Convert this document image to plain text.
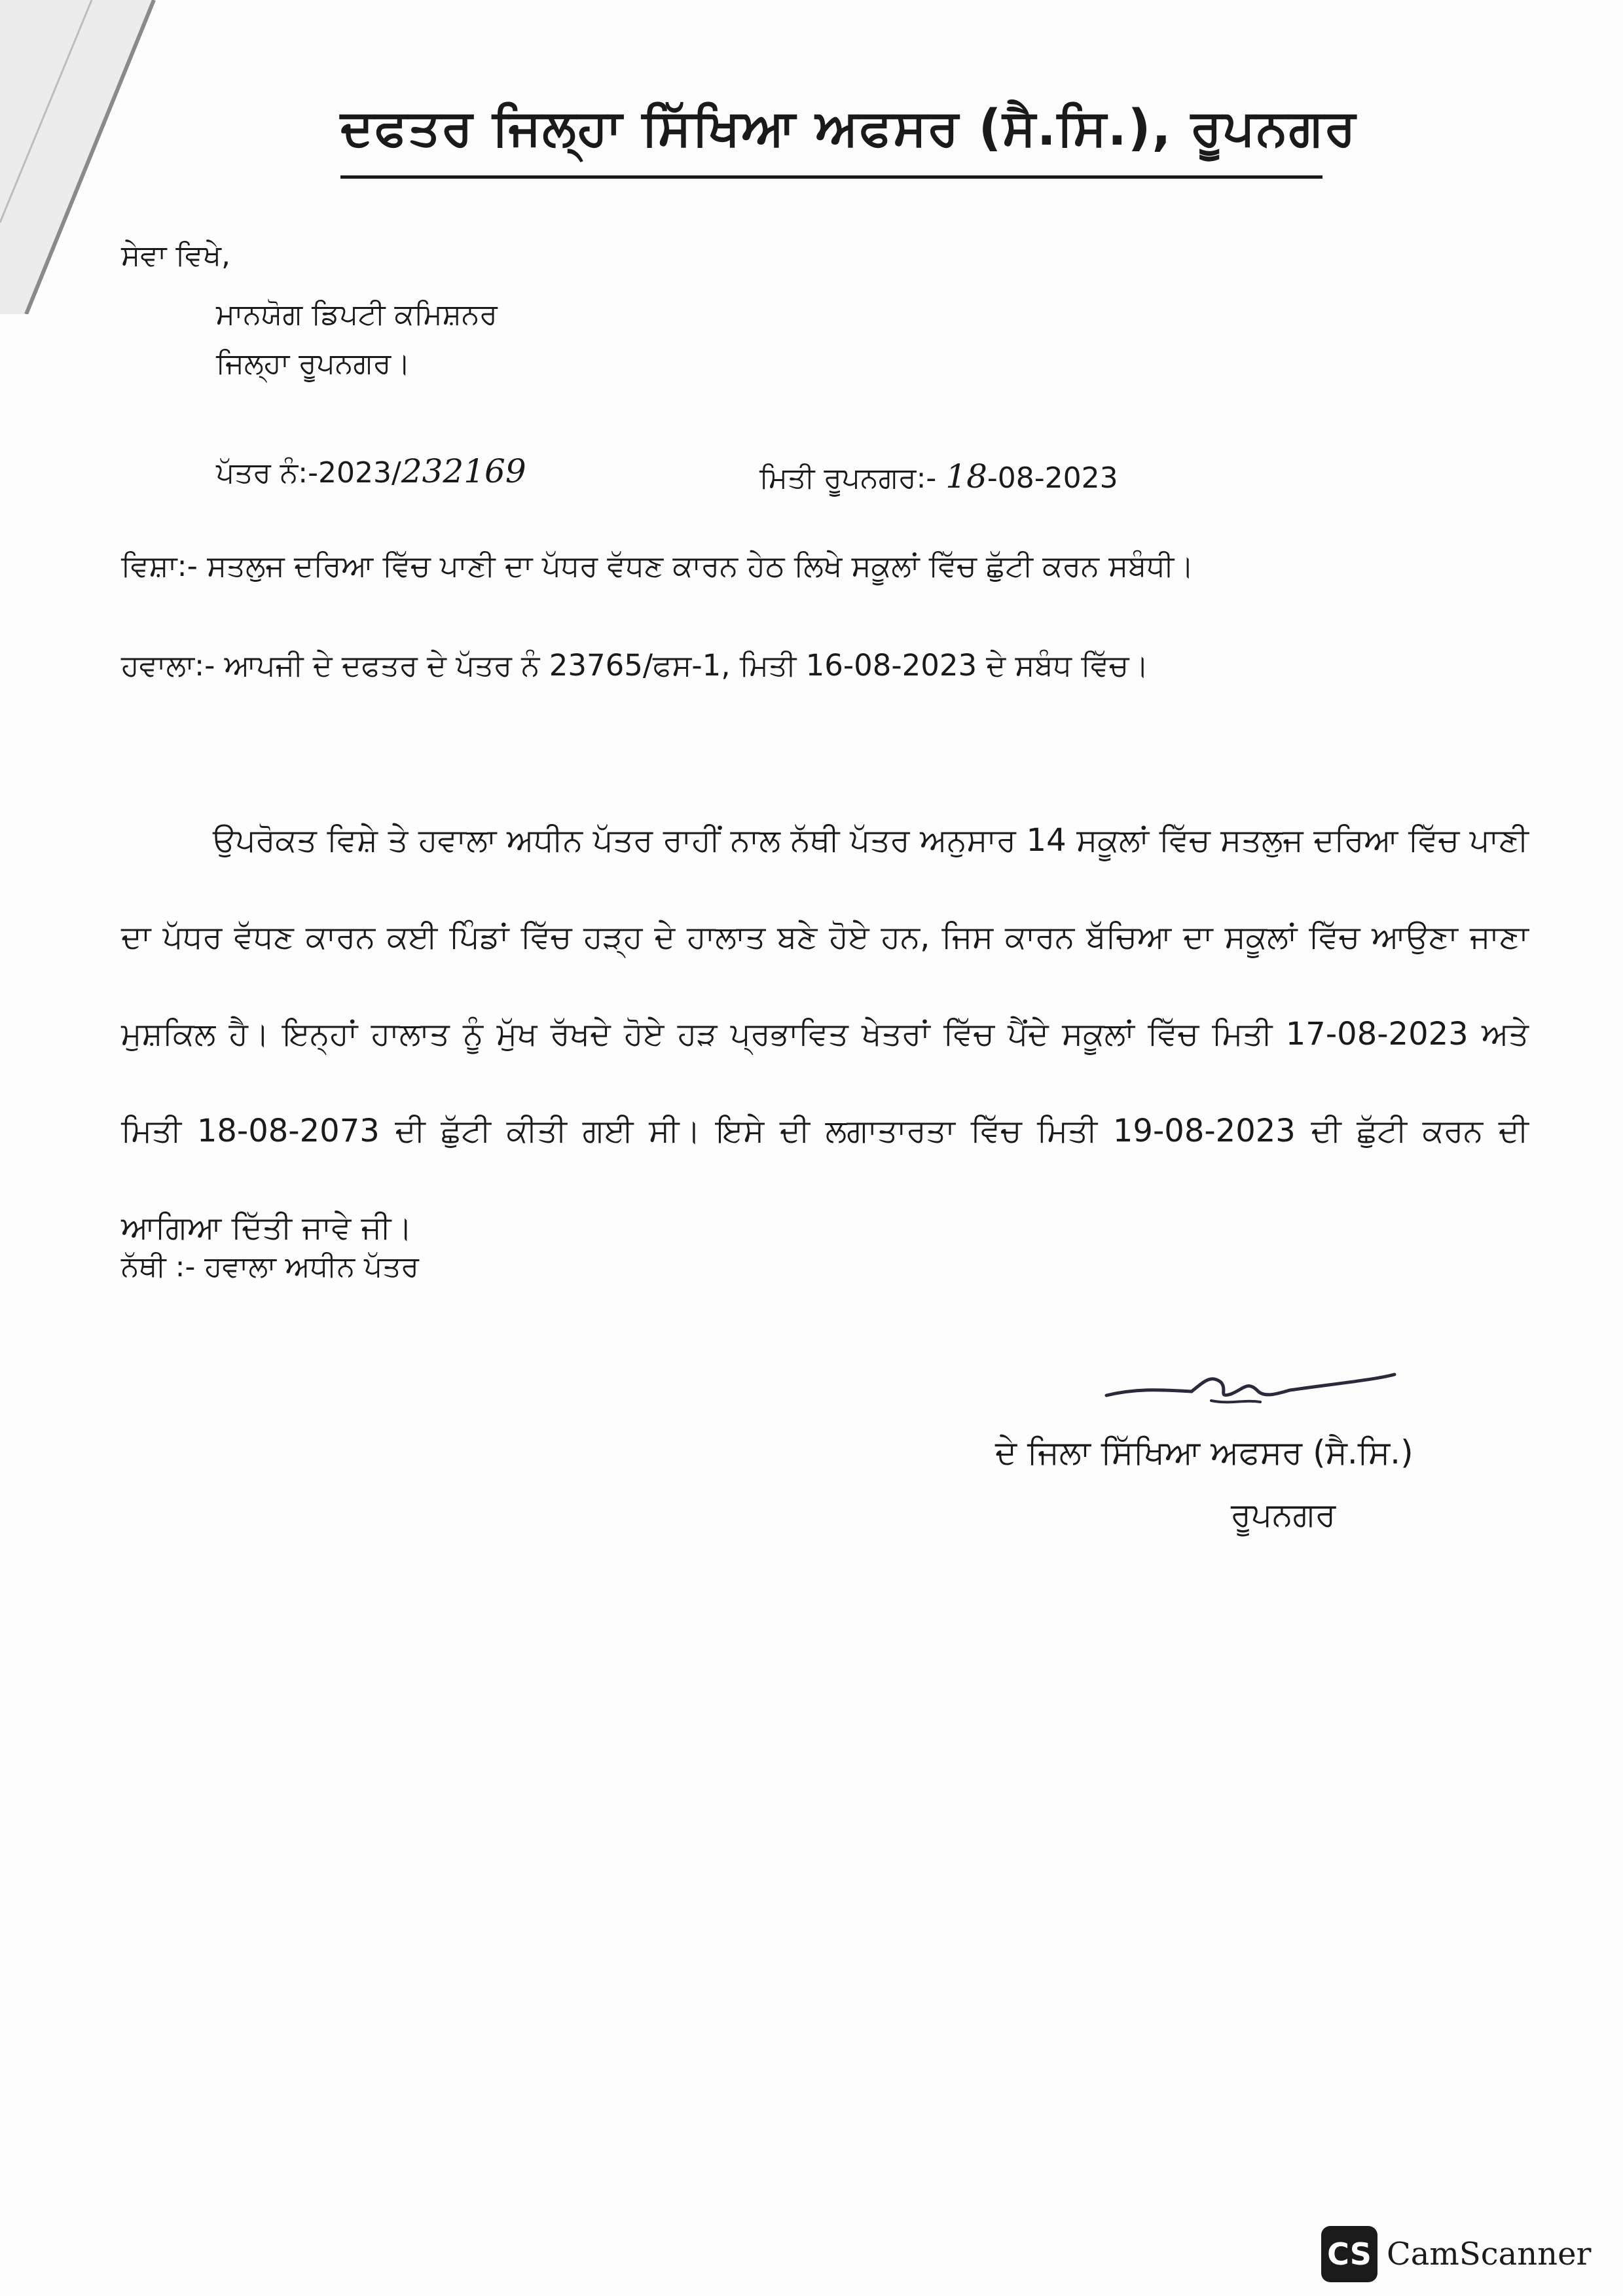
ਦਫਤਰ ਜਿਲ੍ਹਾ ਸਿੱਖਿਆ ਅਫਸਰ (ਸੈ.ਸਿ.), ਰੂਪਨਗਰ
ਸੇਵਾ ਵਿਖੇ,
ਮਾਨਯੋਗ ਡਿਪਟੀ ਕਮਿਸ਼ਨਰ
ਜਿਲ੍ਹਾ ਰੂਪਨਗਰ।
ਪੱਤਰ ਨੰ:-2023/232169	ਮਿਤੀ ਰੂਪਨਗਰ:- 18-08-2023
ਵਿਸ਼ਾ:- ਸਤਲੁਜ ਦਰਿਆ ਵਿੱਚ ਪਾਣੀ ਦਾ ਪੱਧਰ ਵੱਧਣ ਕਾਰਨ ਹੇਠ ਲਿਖੇ ਸਕੂਲਾਂ ਵਿੱਚ ਛੁੱਟੀ ਕਰਨ ਸਬੰਧੀ।
ਹਵਾਲਾ:- ਆਪਜੀ ਦੇ ਦਫਤਰ ਦੇ ਪੱਤਰ ਨੰ 23765/ਫਸ-1, ਮਿਤੀ 16-08-2023 ਦੇ ਸਬੰਧ ਵਿੱਚ।
ਉਪਰੋਕਤ ਵਿਸ਼ੇ ਤੇ ਹਵਾਲਾ ਅਧੀਨ ਪੱਤਰ ਰਾਹੀਂ ਨਾਲ ਨੱਥੀ ਪੱਤਰ ਅਨੁਸਾਰ 14 ਸਕੂਲਾਂ ਵਿੱਚ ਸਤਲੁਜ ਦਰਿਆ ਵਿੱਚ ਪਾਣੀ ਦਾ ਪੱਧਰ ਵੱਧਣ ਕਾਰਨ ਕਈ ਪਿੰਡਾਂ ਵਿੱਚ ਹੜ੍ਹ ਦੇ ਹਾਲਾਤ ਬਣੇ ਹੋਏ ਹਨ, ਜਿਸ ਕਾਰਨ ਬੱਚਿਆ ਦਾ ਸਕੂਲਾਂ ਵਿੱਚ ਆਉਣਾ ਜਾਣਾ ਮੁਸ਼ਕਿਲ ਹੈ। ਇਨ੍ਹਾਂ ਹਾਲਾਤ ਨੂੰ ਮੁੱਖ ਰੱਖਦੇ ਹੋਏ ਹੜ ਪ੍ਰਭਾਵਿਤ ਖੇਤਰਾਂ ਵਿੱਚ ਪੈਂਦੇ ਸਕੂਲਾਂ ਵਿੱਚ ਮਿਤੀ 17-08-2023 ਅਤੇ ਮਿਤੀ 18-08-2073 ਦੀ ਛੁੱਟੀ ਕੀਤੀ ਗਈ ਸੀ। ਇਸੇ ਦੀ ਲਗਾਤਾਰਤਾ ਵਿੱਚ ਮਿਤੀ 19-08-2023 ਦੀ ਛੁੱਟੀ ਕਰਨ ਦੀ ਆਗਿਆ ਦਿੱਤੀ ਜਾਵੇ ਜੀ।
ਨੱਥੀ :- ਹਵਾਲਾ ਅਧੀਨ ਪੱਤਰ
ਦੇ ਜਿਲਾ ਸਿੱਖਿਆ ਅਫਸਰ (ਸੈ.ਸਿ.)
ਰੂਪਨਗਰ
CS CamScanner
